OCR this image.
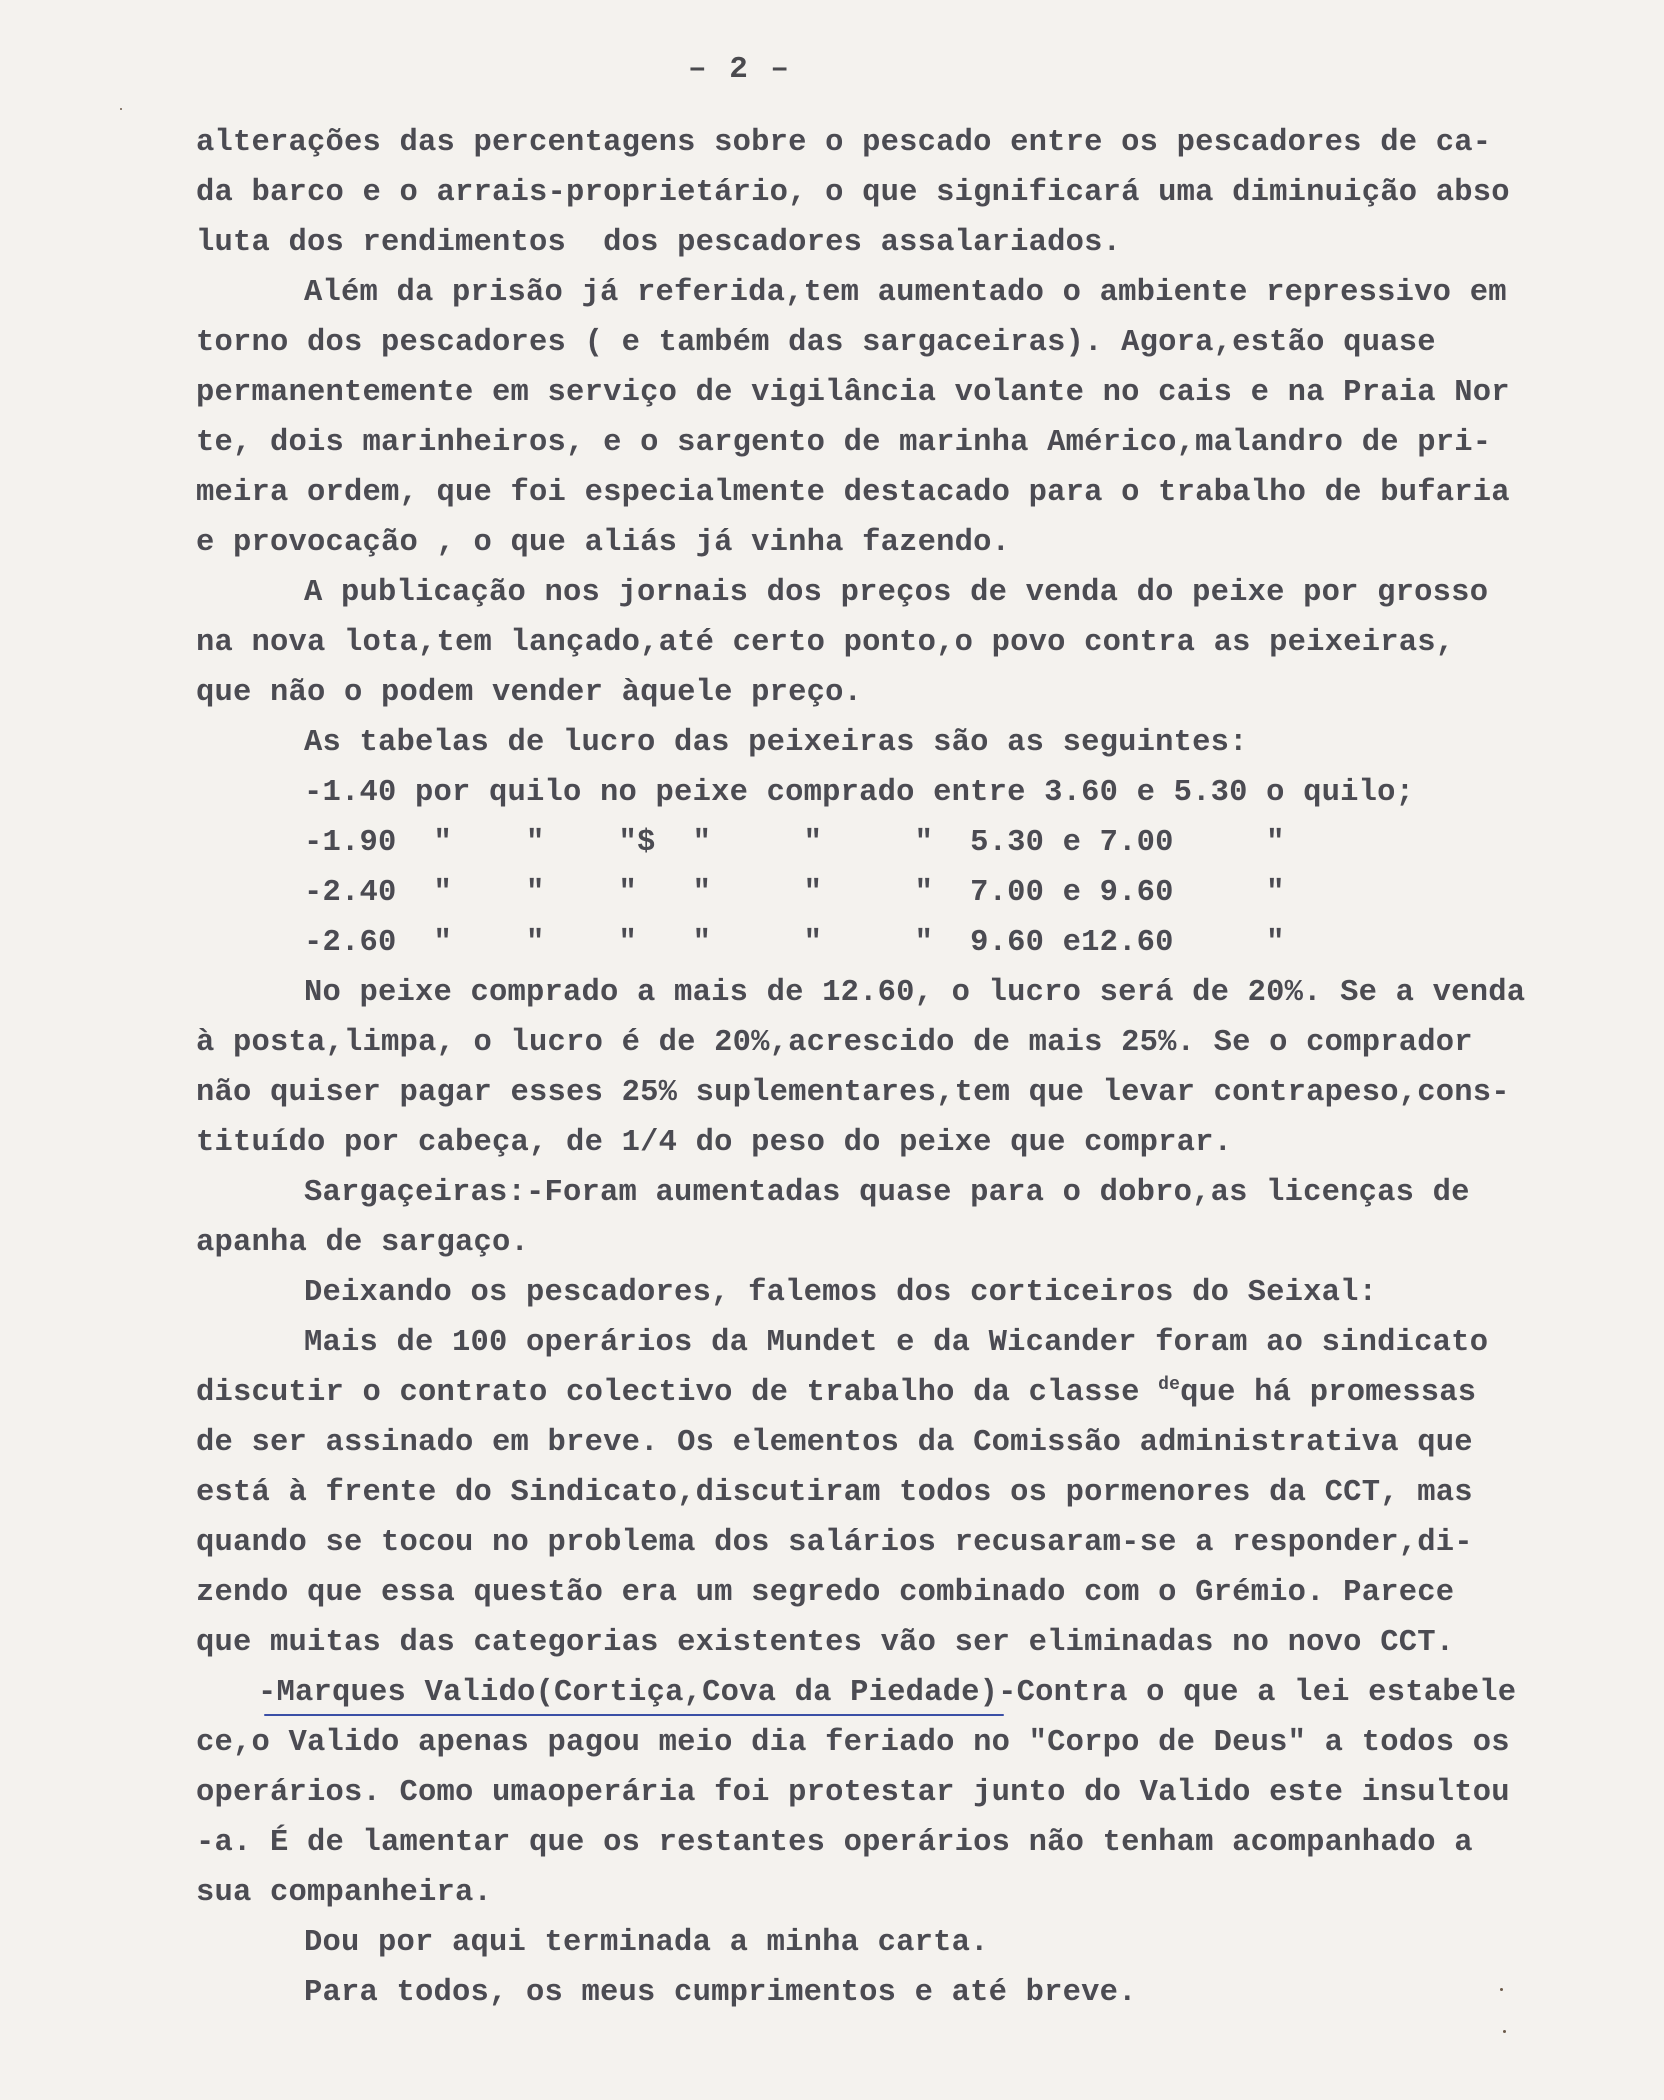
– 2 –
alterações das percentagens sobre o pescado entre os pescadores de ca-
da barco e o arrais-proprietário, o que significará uma diminuição abso
luta dos rendimentos  dos pescadores assalariados.
Além da prisão já referida,tem aumentado o ambiente repressivo em
torno dos pescadores ( e também das sargaceiras). Agora,estão quase
permanentemente em serviço de vigilância volante no cais e na Praia Nor
te, dois marinheiros, e o sargento de marinha Américo,malandro de pri-
meira ordem, que foi especialmente destacado para o trabalho de bufaria
e provocação , o que aliás já vinha fazendo.
A publicação nos jornais dos preços de venda do peixe por grosso
na nova lota,tem lançado,até certo ponto,o povo contra as peixeiras,
que não o podem vender àquele preço.
As tabelas de lucro das peixeiras são as seguintes:
-1.40 por quilo no peixe comprado entre 3.60 e 5.30 o quilo;
-1.90  "    "    "$  "     "     "  5.30 e 7.00     "
-2.40  "    "    "   "     "     "  7.00 e 9.60     "
-2.60  "    "    "   "     "     "  9.60 e12.60     "
No peixe comprado a mais de 12.60, o lucro será de 20%. Se a venda
à posta,limpa, o lucro é de 20%,acrescido de mais 25%. Se o comprador
não quiser pagar esses 25% suplementares,tem que levar contrapeso,cons-
tituído por cabeça, de 1/4 do peso do peixe que comprar.
Sargaçeiras:-Foram aumentadas quase para o dobro,as licenças de
apanha de sargaço.
Deixando os pescadores, falemos dos corticeiros do Seixal:
Mais de 100 operários da Mundet e da Wicander foram ao sindicato
discutir o contrato colectivo de trabalho da classe $^{de}$que há promessas
de ser assinado em breve. Os elementos da Comissão administrativa que
está à frente do Sindicato,discutiram todos os pormenores da CCT, mas
quando se tocou no problema dos salários recusaram-se a responder,di-
zendo que essa questão era um segredo combinado com o Grémio. Parece
que muitas das categorias existentes vão ser eliminadas no novo CCT.
-Marques Valido(Cortiça,Cova da Piedade)-Contra o que a lei estabele
ce,o Valido apenas pagou meio dia feriado no "Corpo de Deus" a todos os
operários. Como umaoperária foi protestar junto do Valido este insultou
-a. É de lamentar que os restantes operários não tenham acompanhado a
sua companheira.
Dou por aqui terminada a minha carta.
Para todos, os meus cumprimentos e até breve.
